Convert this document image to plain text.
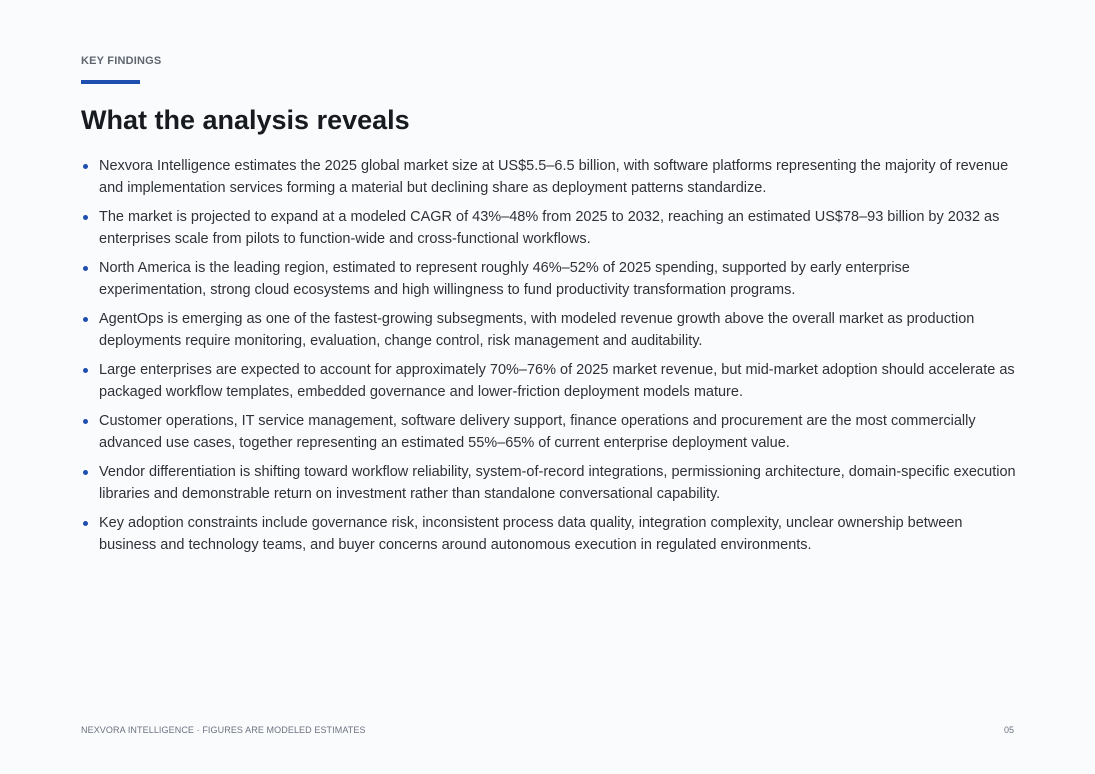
KEY FINDINGS
What the analysis reveals
Nexvora Intelligence estimates the 2025 global market size at US$5.5–6.5 billion, with software platforms representing the majority of revenue and implementation services forming a material but declining share as deployment patterns standardize.
The market is projected to expand at a modeled CAGR of 43%–48% from 2025 to 2032, reaching an estimated US$78–93 billion by 2032 as enterprises scale from pilots to function-wide and cross-functional workflows.
North America is the leading region, estimated to represent roughly 46%–52% of 2025 spending, supported by early enterprise experimentation, strong cloud ecosystems and high willingness to fund productivity transformation programs.
AgentOps is emerging as one of the fastest-growing subsegments, with modeled revenue growth above the overall market as production deployments require monitoring, evaluation, change control, risk management and auditability.
Large enterprises are expected to account for approximately 70%–76% of 2025 market revenue, but mid-market adoption should accelerate as packaged workflow templates, embedded governance and lower-friction deployment models mature.
Customer operations, IT service management, software delivery support, finance operations and procurement are the most commercially advanced use cases, together representing an estimated 55%–65% of current enterprise deployment value.
Vendor differentiation is shifting toward workflow reliability, system-of-record integrations, permissioning architecture, domain-specific execution libraries and demonstrable return on investment rather than standalone conversational capability.
Key adoption constraints include governance risk, inconsistent process data quality, integration complexity, unclear ownership between business and technology teams, and buyer concerns around autonomous execution in regulated environments.
NEXVORA INTELLIGENCE · FIGURES ARE MODELED ESTIMATES	05
